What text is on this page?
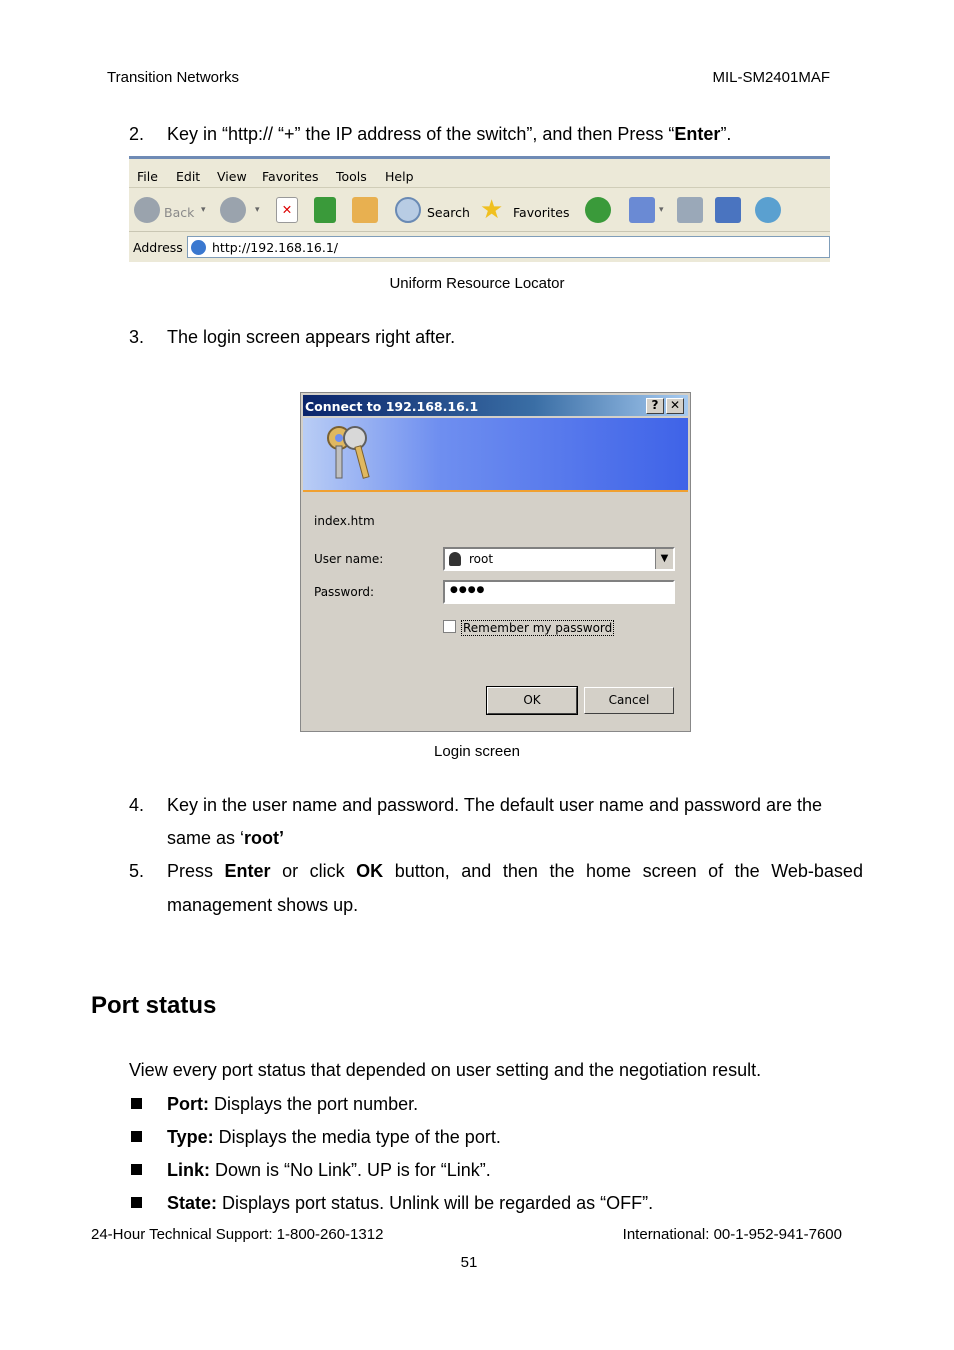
Transition Networks	MIL-SM2401MAF
2. Key in “http:// “+” the IP address of the switch”, and then Press “Enter”.
File Edit View Favorites Tools Help
Back ▾	▾	✕	Search ★ Favorites	▾
Address http://192.168.16.1/
Uniform Resource Locator
3. The login screen appears right after.
Connect to 192.168.16.1	? ✕
index.htm
User name:	root	▼
Password:	●●●●
Remember my password
OK	Cancel
Login screen
4. Key in the user name and password. The default user name and password are the
same as ‘root’
5. Press Enter or click OK button, and then the home screen of the Web-based
management shows up.
Port status
View every port status that depended on user setting and the negotiation result.
Port: Displays the port number.
Type: Displays the media type of the port.
Link: Down is “No Link”. UP is for “Link”.
State: Displays port status. Unlink will be regarded as “OFF”.
24-Hour Technical Support: 1-800-260-1312	International: 00-1-952-941-7600
51
